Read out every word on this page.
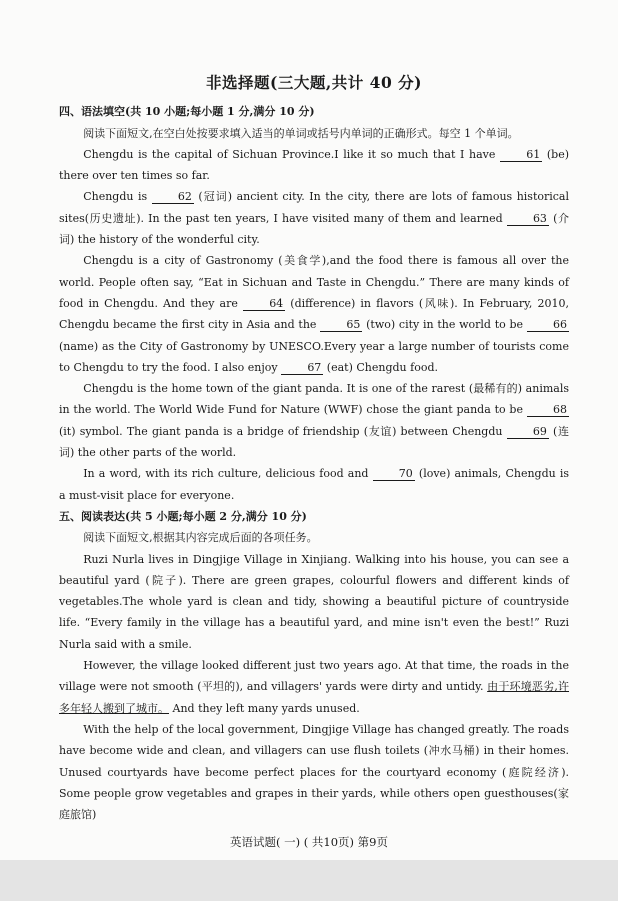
非选择题(三大题,共计 40 分)
四、语法填空(共 10 小题;每小题 1 分,满分 10 分)

阅读下面短文,在空白处按要求填入适当的单词或括号内单词的正确形式。每空 1 个单词。

Chengdu is the capital of Sichuan Province.I like it so much that I have 61 (be) there over ten times so far.

Chengdu is 62 (冠词) ancient city. In the city, there are lots of famous historical sites(历史遗址). In the past ten years, I have visited many of them and learned 63 (介词) the history of the wonderful city.

Chengdu is a city of Gastronomy (美食学),and the food there is famous all over the world. People often say, “Eat in Sichuan and Taste in Chengdu.” There are many kinds of food in Chengdu. And they are 64 (difference) in flavors (风味). In February, 2010, Chengdu became the first city in Asia and the 65 (two) city in the world to be 66 (name) as the City of Gastronomy by UNESCO.Every year a large number of tourists come to Chengdu to try the food. I also enjoy 67 (eat) Chengdu food.

Chengdu is the home town of the giant panda. It is one of the rarest (最稀有的) animals in the world. The World Wide Fund for Nature (WWF) chose the giant panda to be 68 (it) symbol. The giant panda is a bridge of friendship (友谊) between Chengdu 69 (连词) the other parts of the world.

In a word, with its rich culture, delicious food and 70 (love) animals, Chengdu is a must-visit place for everyone.

五、阅读表达(共 5 小题;每小题 2 分,满分 10 分)

阅读下面短文,根据其内容完成后面的各项任务。

Ruzi Nurla lives in Dingjige Village in Xinjiang. Walking into his house, you can see a beautiful yard (院子). There are green grapes, colourful flowers and different kinds of vegetables.The whole yard is clean and tidy, showing a beautiful picture of countryside life. “Every family in the village has a beautiful yard, and mine isn't even the best!” Ruzi Nurla said with a smile.

However, the village looked different just two years ago. At that time, the roads in the village were not smooth (平坦的), and villagers' yards were dirty and untidy. 由于环境恶劣,许多年轻人搬到了城市。 And they left many yards unused.

With the help of the local government, Dingjige Village has changed greatly. The roads have become wide and clean, and villagers can use flush toilets (冲水马桶) in their homes. Unused courtyards have become perfect places for the courtyard economy (庭院经济). Some people grow vegetables and grapes in their yards, while others open guesthouses(家庭旅馆)

英语试题( 一) ( 共10页) 第9页
